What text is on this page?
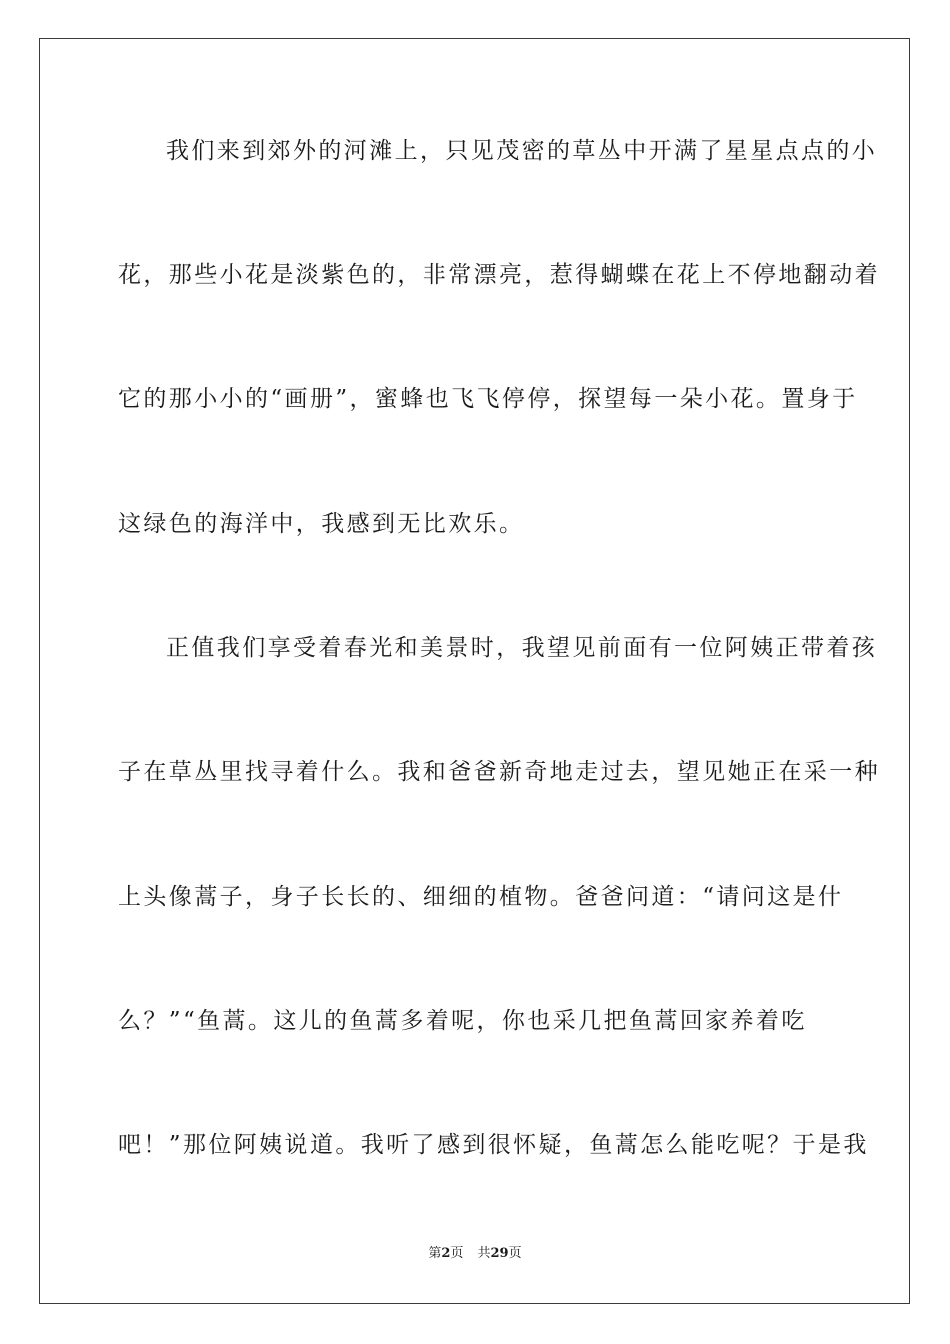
我们来到郊外的河滩上，只见茂密的草丛中开满了星星点点的小
花，那些小花是淡紫色的，非常漂亮，惹得蝴蝶在花上不停地翻动着
它的那小小的“画册”，蜜蜂也飞飞停停，探望每一朵小花。置身于
这绿色的海洋中，我感到无比欢乐。
正值我们享受着春光和美景时，我望见前面有一位阿姨正带着孩
子在草丛里找寻着什么。我和爸爸新奇地走过去，望见她正在采一种
上头像蒿子，身子长长的、细细的植物。爸爸问道：“请问这是什
么？”“鱼蒿。这儿的鱼蒿多着呢，你也采几把鱼蒿回家养着吃
吧！”那位阿姨说道。我听了感到很怀疑，鱼蒿怎么能吃呢？于是我
第2页 共29页
